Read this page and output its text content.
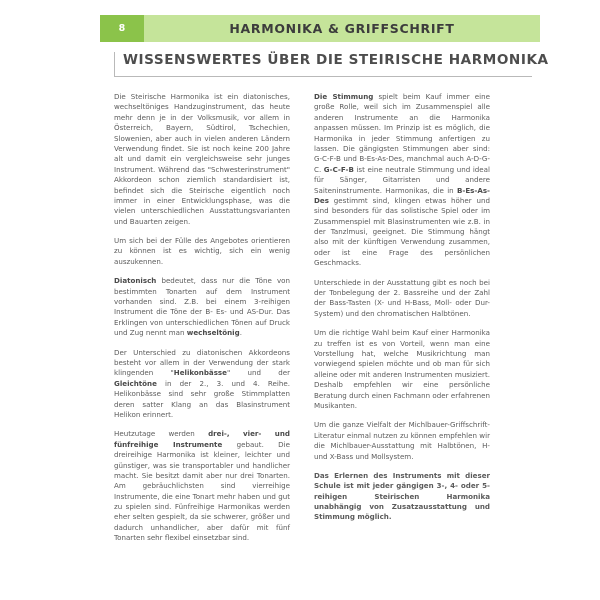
8	HARMONIKA & GRIFFSCHRIFT
WISSENSWERTES ÜBER DIE STEIRISCHE HARMONIKA

Die Steirische Harmonika ist ein diatonisches, wechseltöniges Handzuginstrument, das heute mehr denn je in der Volksmusik, vor allem in Österreich, Bayern, Südtirol, Tschechien, Slowenien, aber auch in vielen anderen Ländern Verwendung findet. Sie ist noch keine 200 Jahre alt und damit ein vergleichsweise sehr junges Instrument. Während das "Schwesterinstrument" Akkordeon schon ziemlich standardisiert ist, befindet sich die Steirische eigentlich noch immer in einer Entwicklungsphase, was die vielen unterschiedlichen Ausstattungsvarianten und Bauarten zeigen.

Um sich bei der Fülle des Angebotes orientieren zu können ist es wichtig, sich ein wenig auszukennen.

Diatonisch bedeutet, dass nur die Töne von bestimmten Tonarten auf dem Instrument vorhanden sind. Z.B. bei einem 3-reihigen Instrument die Töne der B- Es- und AS-Dur. Das Erklingen von unterschiedlichen Tönen auf Druck und Zug nennt man wechseltönig.

Der Unterschied zu diatonischen Akkordeons besteht vor allem in der Verwendung der stark klingenden "Helikonbässe" und der Gleichtöne in der 2., 3. und 4. Reihe. Helikonbässe sind sehr große Stimmplatten deren satter Klang an das Blasinstrument Helikon erinnert.

Heutzutage werden drei-, vier- und fünfreihige Instrumente gebaut. Die dreireihige Harmonika ist kleiner, leichter und günstiger, was sie transportabler und handlicher macht. Sie besitzt damit aber nur drei Tonarten. Am gebräuchlichsten sind vierreihige Instrumente, die eine Tonart mehr haben und gut zu spielen sind. Fünfreihige Harmonikas werden eher selten gespielt, da sie schwerer, größer und dadurch unhandlicher, aber dafür mit fünf Tonarten sehr flexibel einsetzbar sind.

Die Stimmung spielt beim Kauf immer eine große Rolle, weil sich im Zusammenspiel alle anderen Instrumente an die Harmonika anpassen müssen. Im Prinzip ist es möglich, die Harmonika in jeder Stimmung anfertigen zu lassen. Die gängigsten Stimmungen aber sind: G-C-F-B und B-Es-As-Des, manchmal auch A-D-G-C. G-C-F-B ist eine neutrale Stimmung und ideal für Sänger, Gitarristen und andere Saiteninstrumente. Harmonikas, die in B-Es-As-Des gestimmt sind, klingen etwas höher und sind besonders für das solistische Spiel oder im Zusammenspiel mit Blasinstrumenten wie z.B. in der Tanzlmusi, geeignet. Die Stimmung hängt also mit der künftigen Verwendung zusammen, oder ist eine Frage des persönlichen Geschmacks.

Unterschiede in der Ausstattung gibt es noch bei der Tonbelegung der 2. Bassreihe und der Zahl der Bass-Tasten (X- und H-Bass, Moll- oder Dur-System) und den chromatischen Halbtönen.

Um die richtige Wahl beim Kauf einer Harmonika zu treffen ist es von Vorteil, wenn man eine Vorstellung hat, welche Musikrichtung man vorwiegend spielen möchte und ob man für sich alleine oder mit anderen Instrumenten musiziert. Deshalb empfehlen wir eine persönliche Beratung durch einen Fachmann oder erfahrenen Musikanten.

Um die ganze Vielfalt der Michlbauer-Griffschrift-Literatur einmal nutzen zu können empfehlen wir die Michlbauer-Ausstattung mit Halbtönen, H- und X-Bass und Mollsystem.

Das Erlernen des Instruments mit dieser Schule ist mit jeder gängigen 3-, 4- oder 5-reihigen Steirischen Harmonika unabhängig von Zusatzausstattung und Stimmung möglich.
